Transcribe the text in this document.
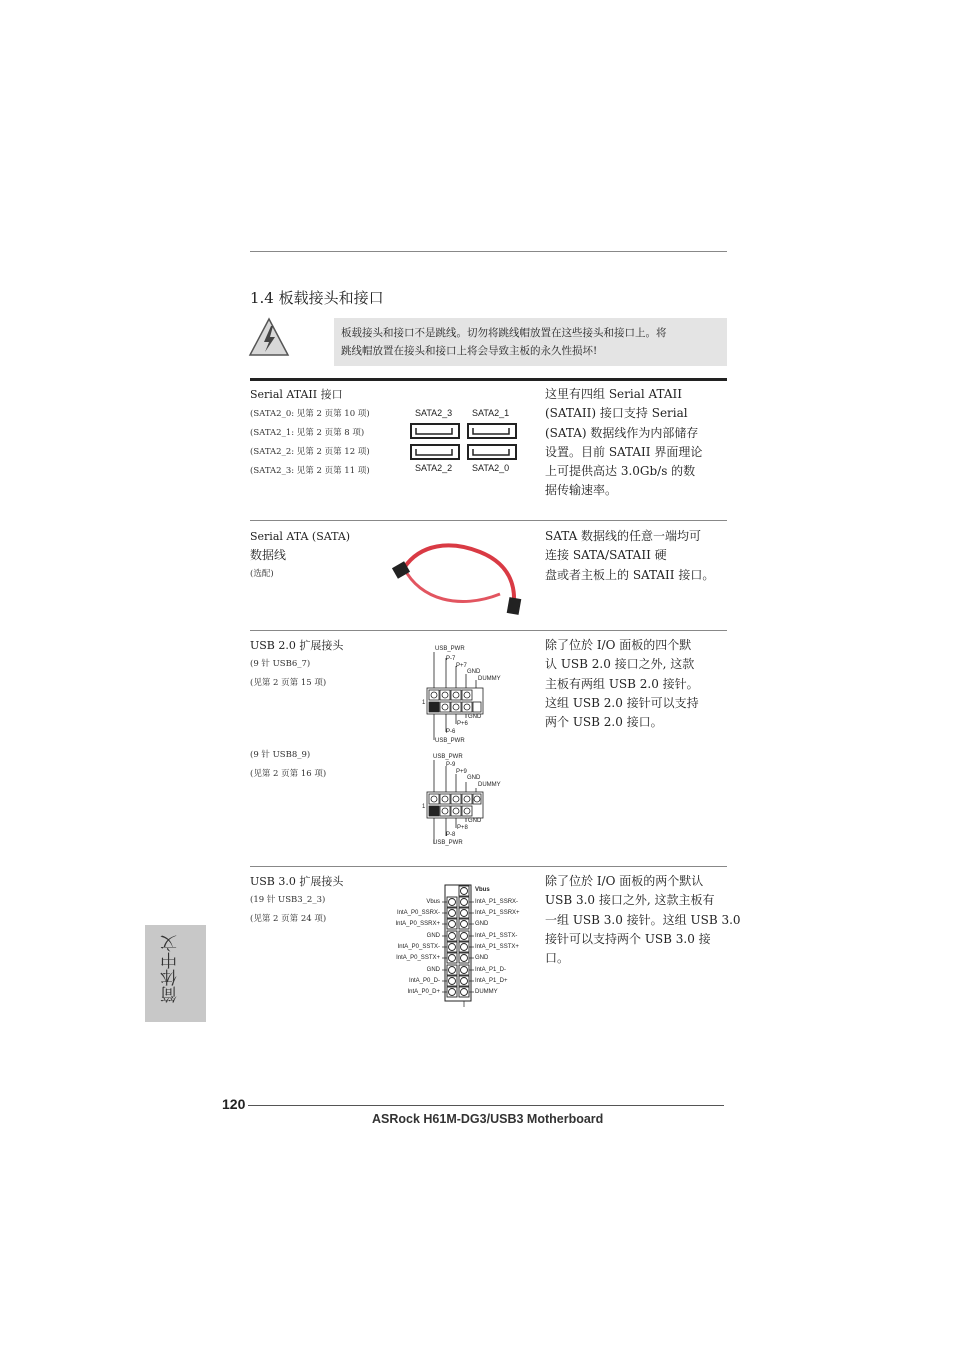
1.4 板载接头和接口
板载接头和接口不是跳线。切勿将跳线帽放置在这些接头和接口上。将
跳线帽放置在接头和接口上将会导致主板的永久性损坏!
Serial ATAII 接口
(SATA2_0: 见第 2 页第 10 项)
(SATA2_1: 见第 2 页第 8 项)
(SATA2_2: 见第 2 页第 12 项)
(SATA2_3: 见第 2 页第 11 项)
SATA2_3 SATA2_1
SATA2_2 SATA2_0
这里有四组 Serial ATAII
(SATAII) 接口支持 Serial
(SATA) 数据线作为内部储存
设置。目前 SATAII 界面理论
上可提供高达 3.0Gb/s 的数
据传输速率。
Serial ATA (SATA)
数据线
(选配)
SATA 数据线的任意一端均可
连接 SATA/SATAII 硬
盘或者主板上的 SATAII 接口。
USB 2.0 扩展接头
(9 针 USB6_7)
(见第 2 页第 15 项)
(9 针 USB8_9)
(见第 2 页第 16 项)
USB_PWR
P-7
P+7
GND
DUMMY
1
GND
P+6
P-6
USB_PWR
USB_PWR
P-9
P+9
GND
DUMMY
1
GND
P+8
P-8
USB_PWR
除了位於 I/O 面板的四个默
认 USB 2.0 接口之外, 这款
主板有两组 USB 2.0 接针。
这组 USB 2.0 接针可以支持
两个 USB 2.0 接口。
USB 3.0 扩展接头
(19 针 USB3_2_3)
(见第 2 页第 24 项)
Vbus
IntA_P0_SSRX-
IntA_P0_SSRX+
GND
IntA_P0_SSTX-
IntA_P0_SSTX+
GND
IntA_P0_D-
IntA_P0_D+
Vbus
IntA_P1_SSRX-
IntA_P1_SSRX+
GND
IntA_P1_SSTX-
IntA_P1_SSTX+
GND
IntA_P1_D-
IntA_P1_D+
DUMMY
除了位於 I/O 面板的两个默认
USB 3.0 接口之外, 这款主板有
一组 USB 3.0 接针。这组 USB 3.0
接针可以支持两个 USB 3.0 接
口。
简体中文
120
ASRock H61M-DG3/USB3 Motherboard
